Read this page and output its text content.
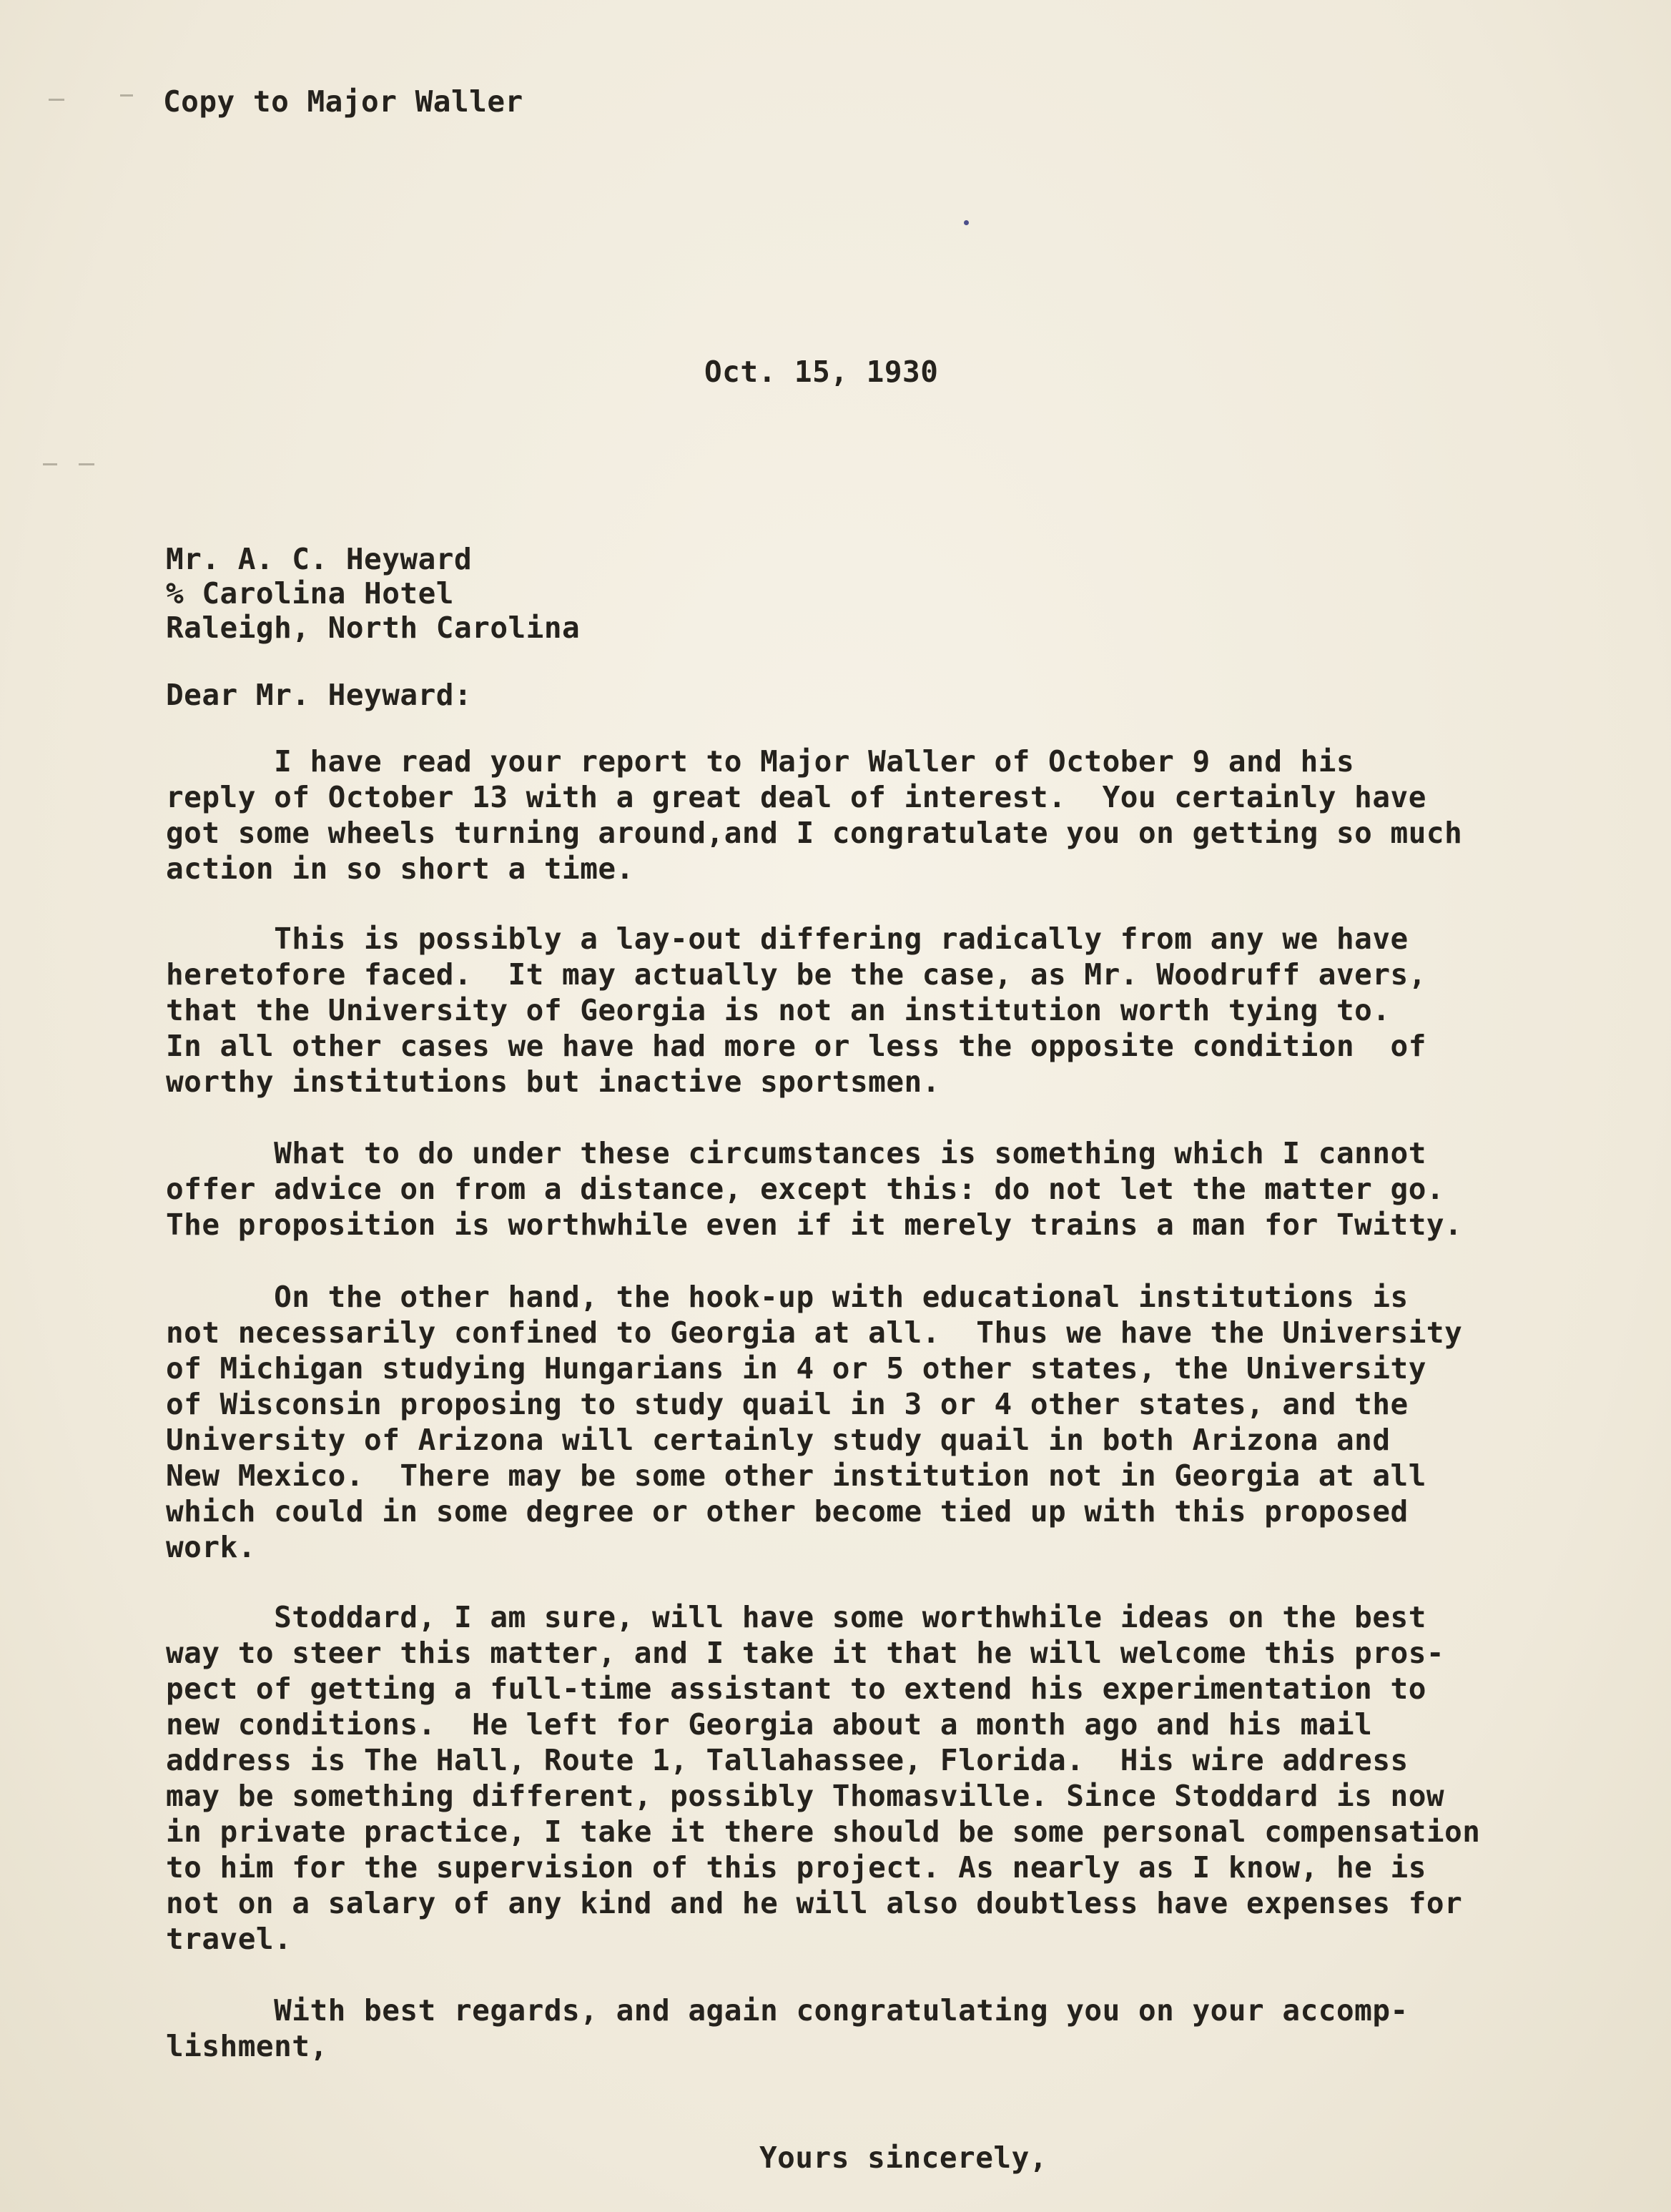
Copy to Major Waller
Oct. 15, 1930
Mr. A. C. Heyward
% Carolina Hotel
Raleigh, North Carolina
Dear Mr. Heyward:
I have read your report to Major Waller of October 9 and his
reply of October 13 with a great deal of interest.  You certainly have
got some wheels turning around,and I congratulate you on getting so much
action in so short a time.
This is possibly a lay-out differing radically from any we have
heretofore faced.  It may actually be the case, as Mr. Woodruff avers,
that the University of Georgia is not an institution worth tying to.
In all other cases we have had more or less the opposite condition  of
worthy institutions but inactive sportsmen.
What to do under these circumstances is something which I cannot
offer advice on from a distance, except this: do not let the matter go.
The proposition is worthwhile even if it merely trains a man for Twitty.
On the other hand, the hook-up with educational institutions is
not necessarily confined to Georgia at all.  Thus we have the University
of Michigan studying Hungarians in 4 or 5 other states, the University
of Wisconsin proposing to study quail in 3 or 4 other states, and the
University of Arizona will certainly study quail in both Arizona and
New Mexico.  There may be some other institution not in Georgia at all
which could in some degree or other become tied up with this proposed
work.
Stoddard, I am sure, will have some worthwhile ideas on the best
way to steer this matter, and I take it that he will welcome this pros-
pect of getting a full-time assistant to extend his experimentation to
new conditions.  He left for Georgia about a month ago and his mail
address is The Hall, Route 1, Tallahassee, Florida.  His wire address
may be something different, possibly Thomasville. Since Stoddard is now
in private practice, I take it there should be some personal compensation
to him for the supervision of this project. As nearly as I know, he is
not on a salary of any kind and he will also doubtless have expenses for
travel.
With best regards, and again congratulating you on your accomp-
lishment,
Yours sincerely,
